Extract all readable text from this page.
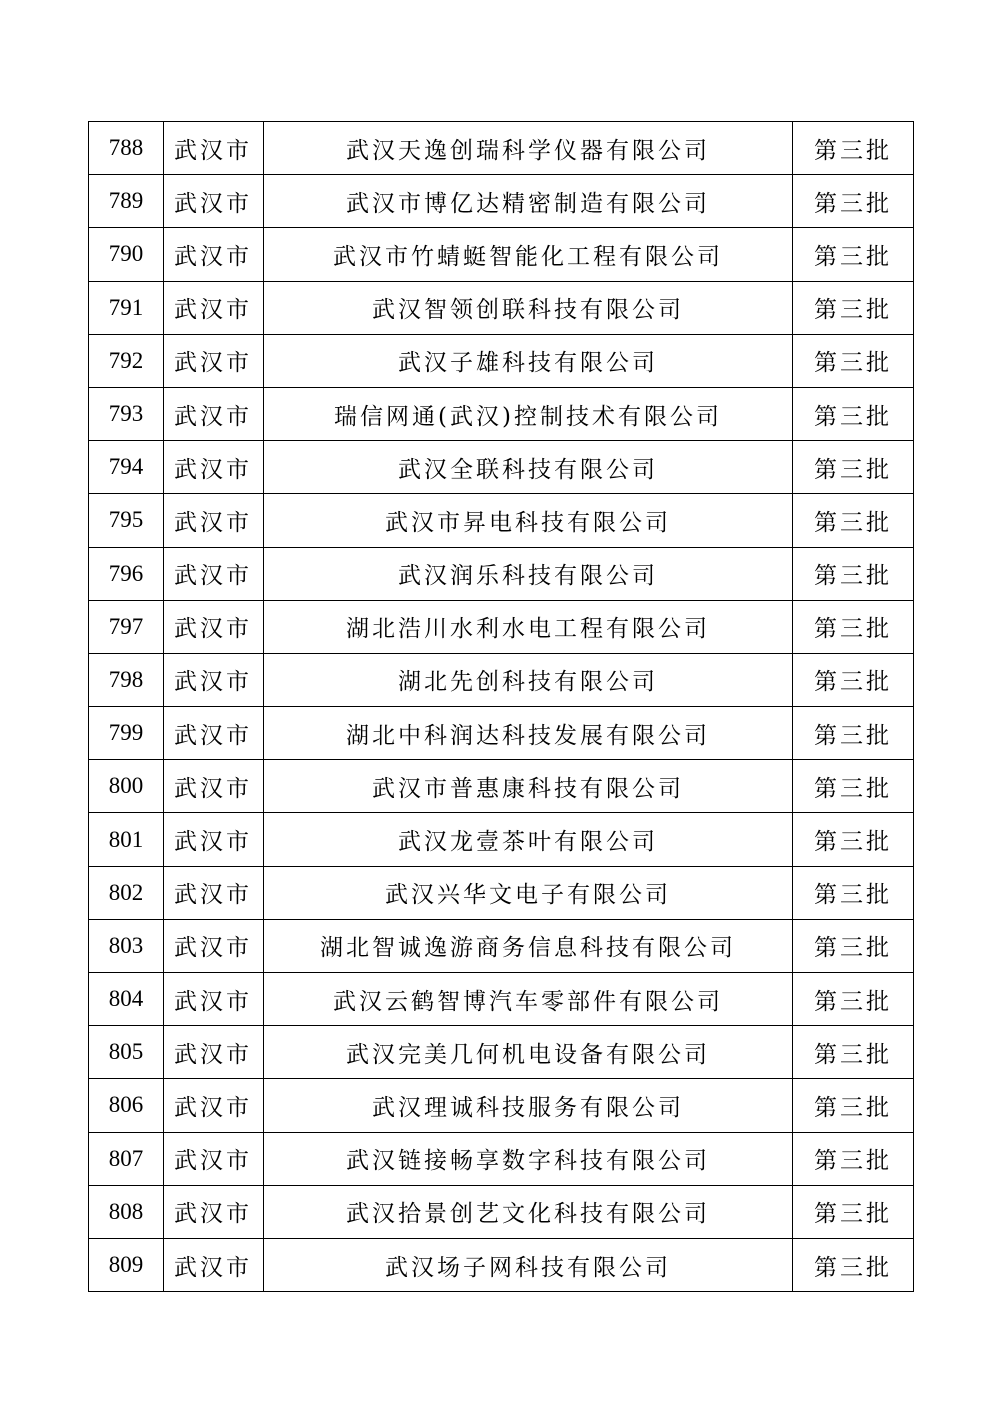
788	武汉市	武汉天逸创瑞科学仪器有限公司	第三批
789	武汉市	武汉市博亿达精密制造有限公司	第三批
790	武汉市	武汉市竹蜻蜓智能化工程有限公司	第三批
791	武汉市	武汉智领创联科技有限公司	第三批
792	武汉市	武汉子雄科技有限公司	第三批
793	武汉市	瑞信网通(武汉)控制技术有限公司	第三批
794	武汉市	武汉全联科技有限公司	第三批
795	武汉市	武汉市昇电科技有限公司	第三批
796	武汉市	武汉润乐科技有限公司	第三批
797	武汉市	湖北浩川水利水电工程有限公司	第三批
798	武汉市	湖北先创科技有限公司	第三批
799	武汉市	湖北中科润达科技发展有限公司	第三批
800	武汉市	武汉市普惠康科技有限公司	第三批
801	武汉市	武汉龙壹茶叶有限公司	第三批
802	武汉市	武汉兴华文电子有限公司	第三批
803	武汉市	湖北智诚逸游商务信息科技有限公司	第三批
804	武汉市	武汉云鹤智博汽车零部件有限公司	第三批
805	武汉市	武汉完美几何机电设备有限公司	第三批
806	武汉市	武汉理诚科技服务有限公司	第三批
807	武汉市	武汉链接畅享数字科技有限公司	第三批
808	武汉市	武汉拾景创艺文化科技有限公司	第三批
809	武汉市	武汉场子网科技有限公司	第三批
